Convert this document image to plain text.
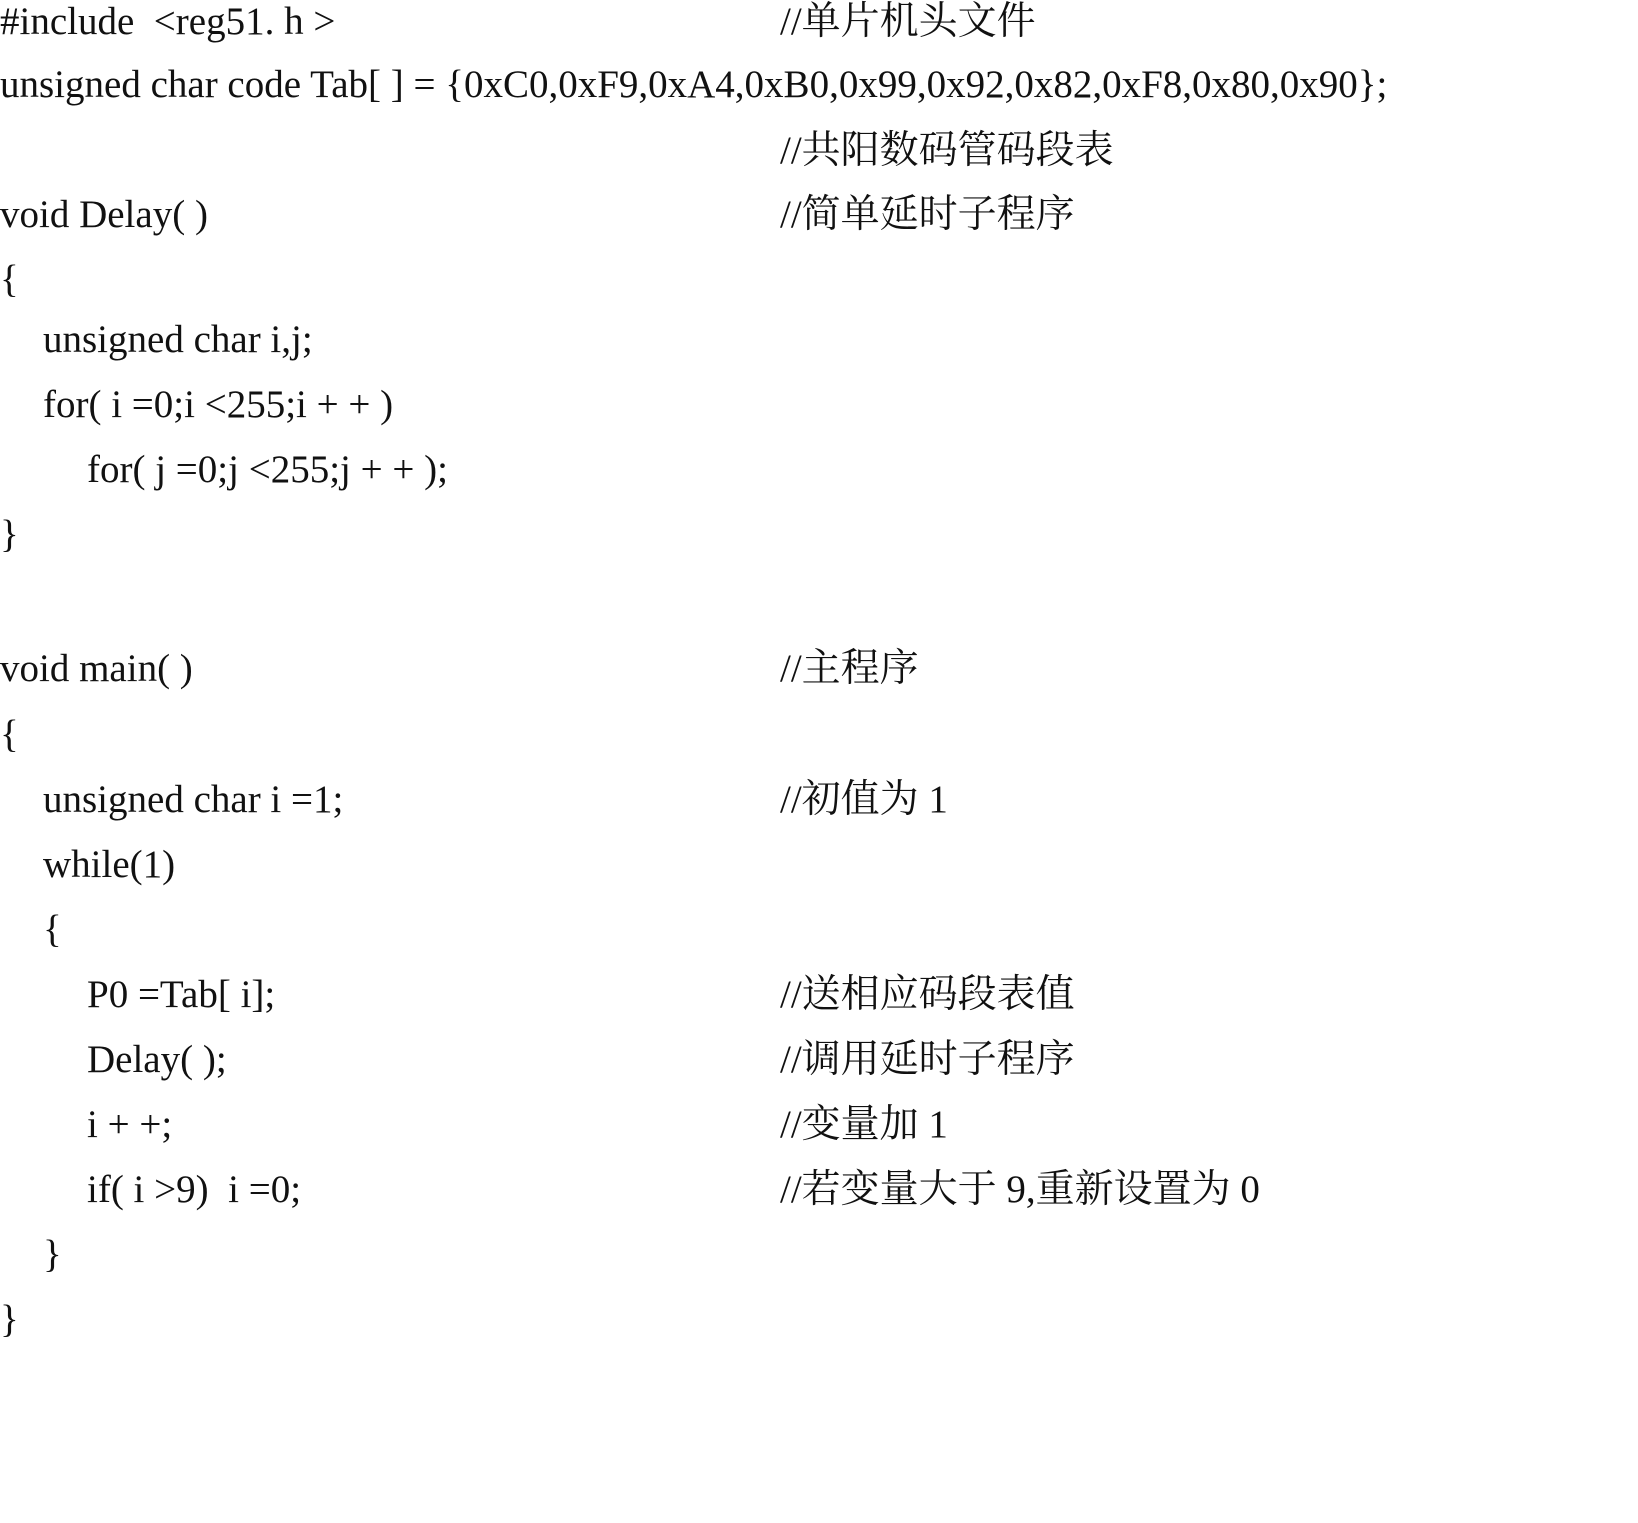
#include  <reg51. h >

	//单片机头文件

unsigned char code Tab[ ] = {0xC0,0xF9,0xA4,0xB0,0x99,0x92,0x82,0xF8,0x80,0x90};

//共阳数码管码段表

void Delay( )

	//简单延时子程序

{

unsigned char i,j;

for( i =0;i <255;i + + )

for( j =0;j <255;j + + );

}

void main( )

	//主程序

{

unsigned char i =1;

	//初值为 1

while(1)

{

P0 =Tab[ i];

	//送相应码段表值

Delay( );

	//调用延时子程序

i + +;

	//变量加 1

if( i >9)  i =0;

	//若变量大于 9,重新设置为 0

}

}
